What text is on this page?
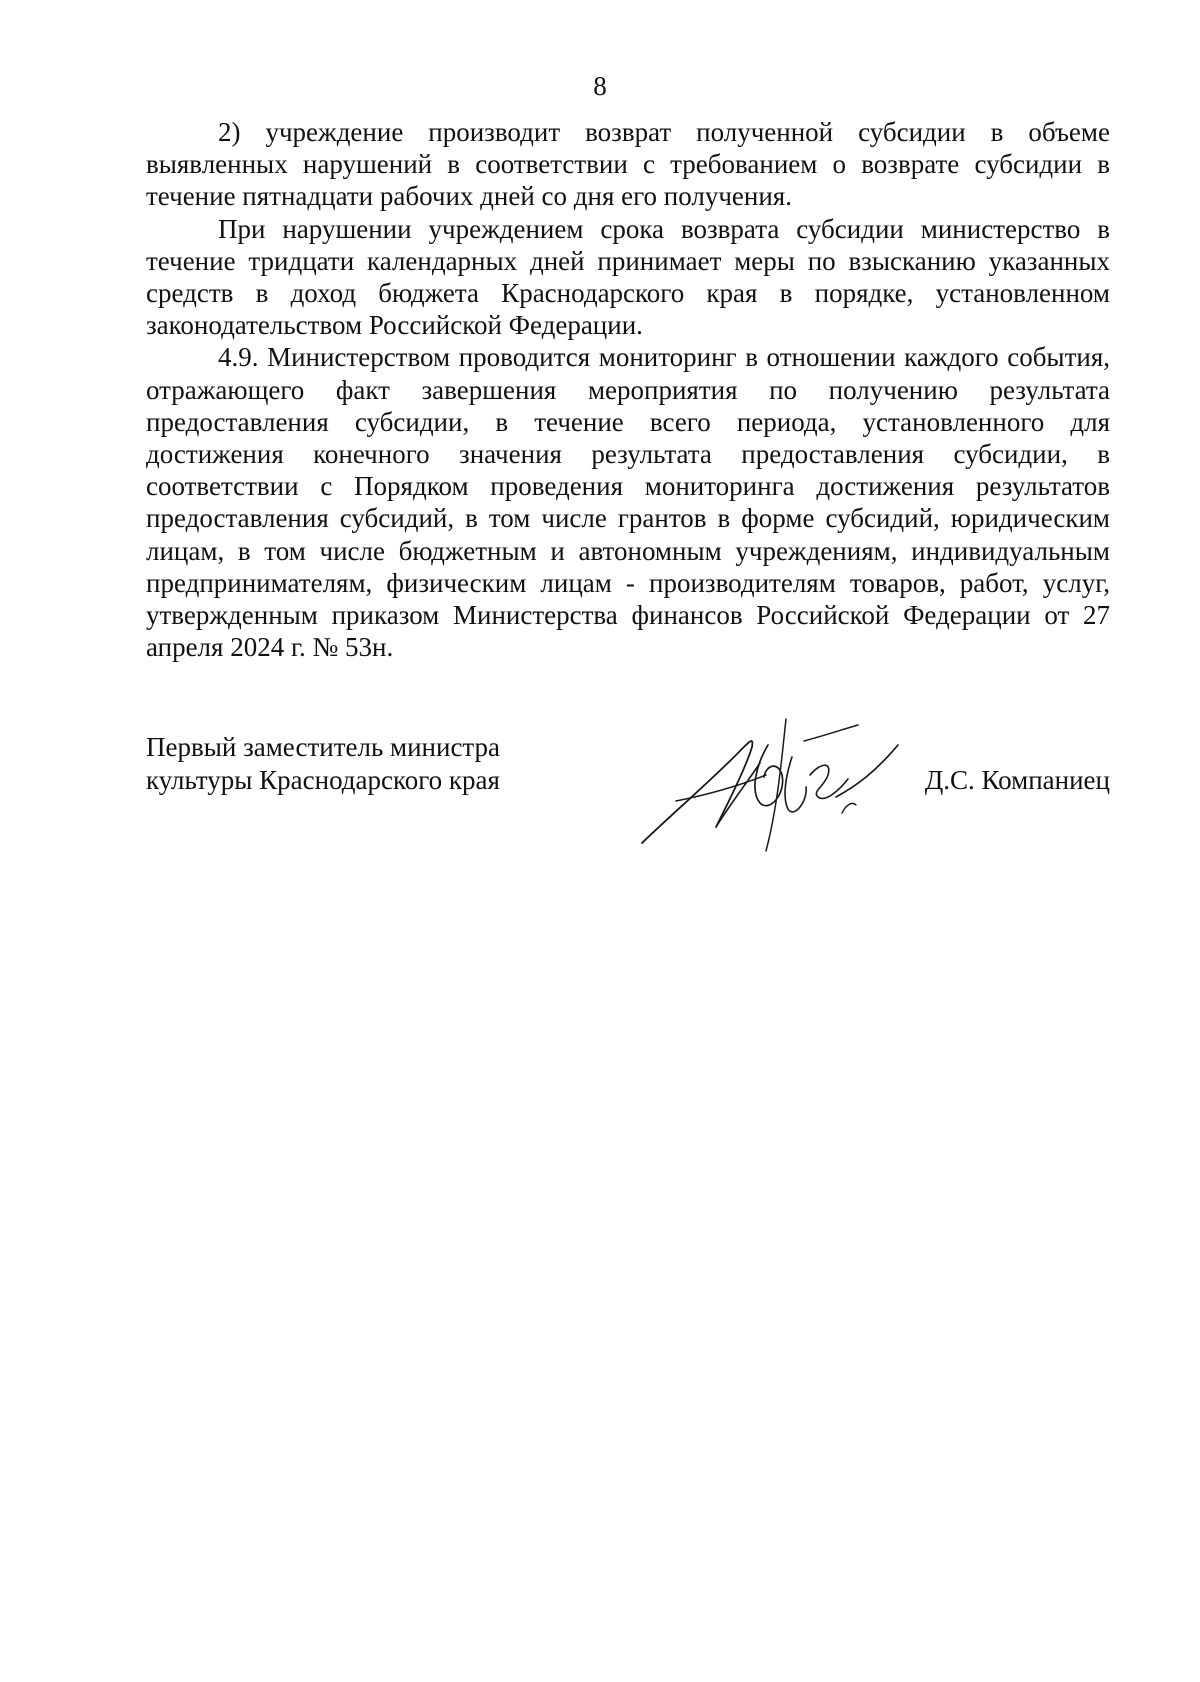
8

2) учреждение производит возврат полученной субсидии в объеме выявленных нарушений в соответствии с требованием о возврате субсидии в течение пятнадцати рабочих дней со дня его получения.

При нарушении учреждением срока возврата субсидии министерство в течение тридцати календарных дней принимает меры по взысканию указанных средств в доход бюджета Краснодарского края в порядке, установленном законодательством Российской Федерации.

4.9. Министерством проводится мониторинг в отношении каждого события, отражающего факт завершения мероприятия по получению результата предоставления субсидии, в течение всего периода, установленного для достижения конечного значения результата предоставления субсидии, в соответствии с Порядком проведения мониторинга достижения результатов предоставления субсидий, в том числе грантов в форме субсидий, юридическим лицам, в том числе бюджетным и автономным учреждениям, индивидуальным предпринимателям, физическим лицам - производителям товаров, работ, услуг, утвержденным приказом Министерства финансов Российской Федерации от 27 апреля 2024 г. № 53н.

Первый заместитель министра
культуры Краснодарского края	Д.С. Компаниец
